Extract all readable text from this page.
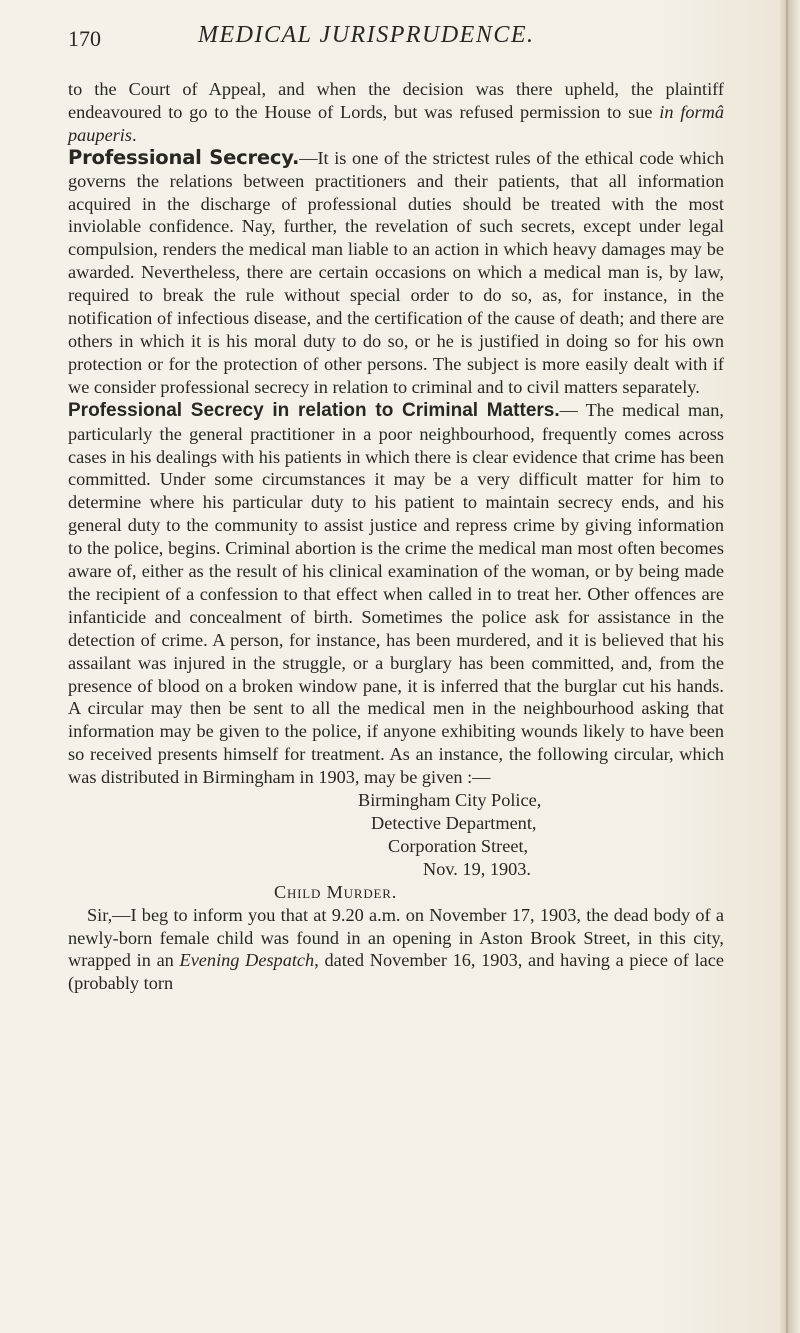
170	MEDICAL JURISPRUDENCE.

to the Court of Appeal, and when the decision was there upheld, the plaintiff endeavoured to go to the House of Lords, but was refused permission to sue in formâ pauperis.

Professional Secrecy.—It is one of the strictest rules of the ethical code which governs the relations between practitioners and their patients, that all information acquired in the discharge of professional duties should be treated with the most inviolable confidence. Nay, further, the revelation of such secrets, except under legal compulsion, renders the medical man liable to an action in which heavy damages may be awarded. Nevertheless, there are certain occasions on which a medical man is, by law, required to break the rule without special order to do so, as, for instance, in the notification of infectious disease, and the certification of the cause of death; and there are others in which it is his moral duty to do so, or he is justified in doing so for his own protection or for the protection of other persons. The subject is more easily dealt with if we consider professional secrecy in relation to criminal and to civil matters separately.

Professional Secrecy in relation to Criminal Matters.— The medical man, particularly the general practitioner in a poor neighbourhood, frequently comes across cases in his dealings with his patients in which there is clear evidence that crime has been committed. Under some circumstances it may be a very difficult matter for him to determine where his particular duty to his patient to maintain secrecy ends, and his general duty to the community to assist justice and repress crime by giving information to the police, begins. Criminal abortion is the crime the medical man most often becomes aware of, either as the result of his clinical examination of the woman, or by being made the recipient of a confession to that effect when called in to treat her. Other offences are infanticide and concealment of birth. Sometimes the police ask for assistance in the detection of crime. A person, for instance, has been murdered, and it is believed that his assailant was injured in the struggle, or a burglary has been committed, and, from the presence of blood on a broken window pane, it is inferred that the burglar cut his hands. A circular may then be sent to all the medical men in the neighbourhood asking that information may be given to the police, if anyone exhibiting wounds likely to have been so received presents himself for treatment. As an instance, the following circular, which was distributed in Birmingham in 1903, may be given :—

Birmingham City Police,
Detective Department,
Corporation Street,
Nov. 19, 1903.

Child Murder.

Sir,—I beg to inform you that at 9.20 a.m. on November 17, 1903, the dead body of a newly-born female child was found in an opening in Aston Brook Street, in this city, wrapped in an Evening Despatch, dated November 16, 1903, and having a piece of lace (probably torn
